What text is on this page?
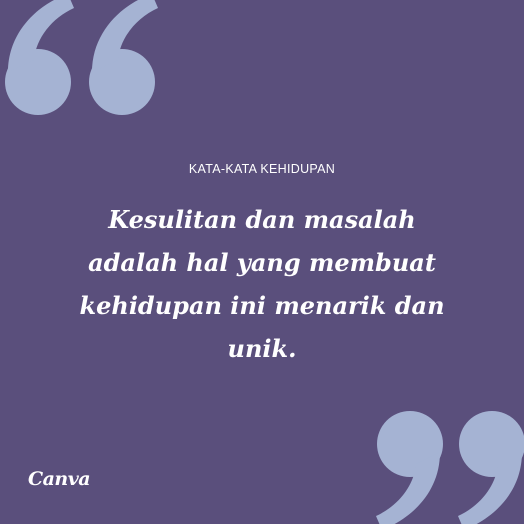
KATA-KATA KEHIDUPAN

Kesulitan dan masalah adalah hal yang membuat kehidupan ini menarik dan unik.

Canva
